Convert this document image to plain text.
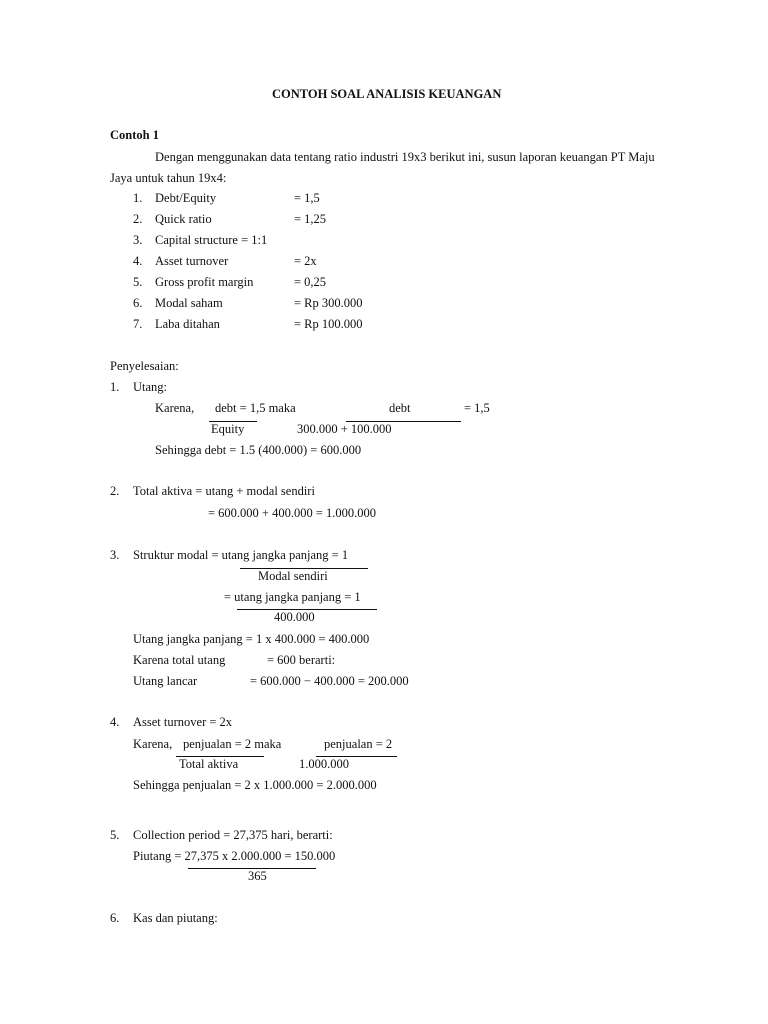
CONTOH SOAL ANALISIS KEUANGAN
Contoh 1
Dengan menggunakan data tentang ratio industri 19x3 berikut ini, susun laporan keuangan PT Maju
Jaya untuk tahun 19x4:
1. Debt/Equity	= 1,5
2. Quick ratio	= 1,25
3. Capital structure = 1:1
4. Asset turnover	= 2x
5. Gross profit margin	= 0,25
6. Modal saham	= Rp 300.000
7. Laba ditahan	= Rp 100.000
Penyelesaian:
1. Utang:
Karena, debt = 1,5 maka
Equity
debt	= 1,5
300.000 + 100.000
Sehingga debt = 1.5 (400.000) = 600.000
2. Total aktiva = utang + modal sendiri
= 600.000 + 400.000 = 1.000.000
3. Struktur modal = utang jangka panjang = 1
Modal sendiri
= utang jangka panjang = 1
400.000
Utang jangka panjang = 1 x 400.000 = 400.000
Karena total utang	= 600 berarti:
Utang lancar	= 600.000 − 400.000 = 200.000
4. Asset turnover = 2x
Karena, penjualan = 2 maka	penjualan = 2
Total aktiva	1.000.000
Sehingga penjualan = 2 x 1.000.000 = 2.000.000
5. Collection period = 27,375 hari, berarti:
Piutang = 27,375 x 2.000.000 = 150.000
365
6. Kas dan piutang:
